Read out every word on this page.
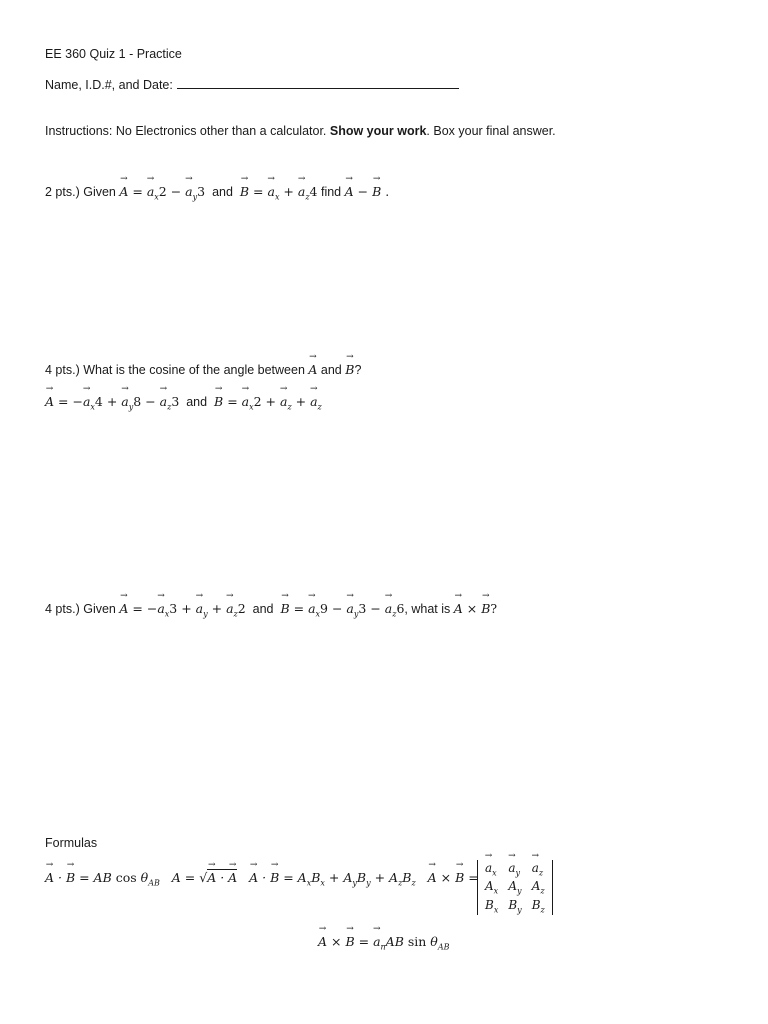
EE 360 Quiz 1 - Practice
Name, I.D.#, and Date:
Instructions: No Electronics other than a calculator. Show your work. Box your final answer.
2 pts.) Given → A = → $a_x2$ − → $a_y3$ and → B = → $a_x$ + → $a_z4$ find → A − → B .
4 pts.) What is the cosine of the angle between → A and → B?
→ A = −→ $a_x4$ + → $a_y8$ − → $a_z3$ and → B = → $a_x2$ + → $a_z$ + → $a_z$
4 pts.) Given → A = −→ $a_x3$ + → $a_y$ + → $a_z2$ and → B = → $a_x9$ − → $a_y3$ − → $a_z6$, what is → A × → B?
Formulas
→ A · → B = AB $\cos \theta_{AB}$ A = √→ A · → A → A · → $B = A_xB_x + A_yB_y + A_zB_z \to A$ × → B =
→ $a_x$	→ $a_y$	→ $a_z$
$A_x$	$A_y$	$A_z$
$B_x$	$B_y$	$B_z$
→ A × → B = → $a_nAB$ $\sin \theta_{AB}$
